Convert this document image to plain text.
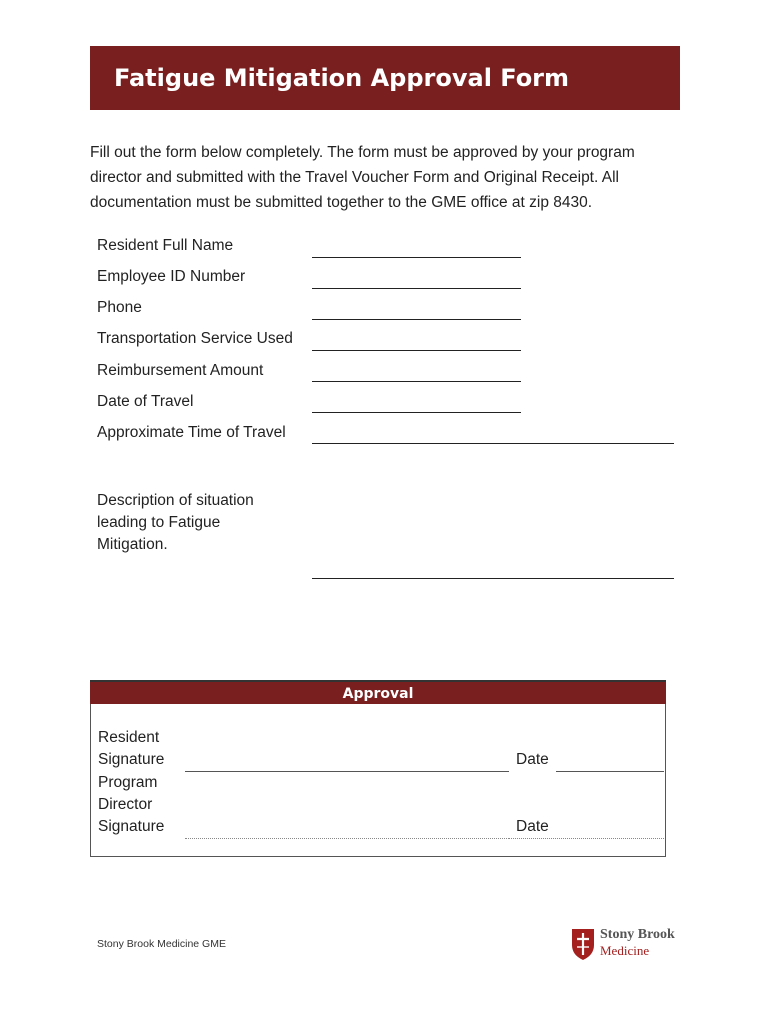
Fatigue Mitigation Approval Form
Fill out the form below completely. The form must be approved by your program
director and submitted with the Travel Voucher Form and Original Receipt. All
documentation must be submitted together to the GME office at zip 8430.
Resident Full Name
Employee ID Number
Phone
Transportation Service Used
Reimbursement Amount
Date of Travel
Approximate Time of Travel
Description of situation
leading to Fatigue
Mitigation.
Approval
Resident
Signature
Program
Director
Signature
Date
Date
Stony Brook Medicine GME
Stony Brook
Medicine
